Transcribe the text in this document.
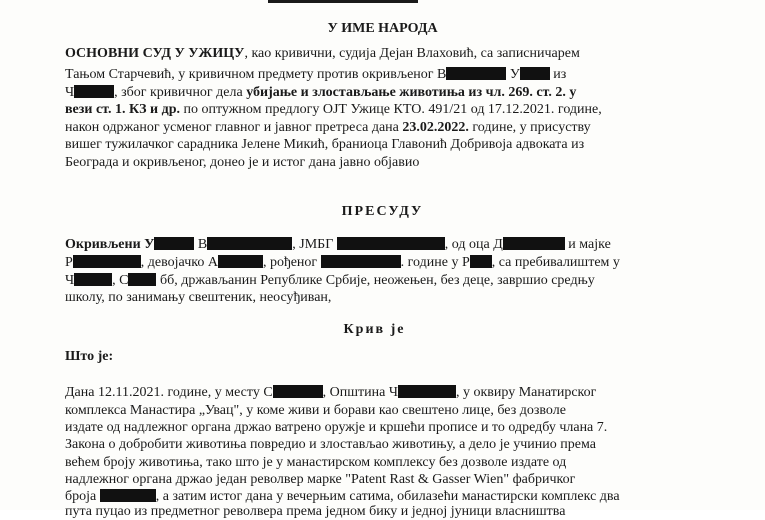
У ИМЕ НАРОДА
ОСНОВНИ СУД У УЖИЦУ, као кривични, судија Дејан Влаховић, са записничарем
Тањом Старчевић, у кривичном предмету против окривљеног В	У из
Ч	, због кривичног дела убијање и злостављање животиња из чл. 269. ст. 2. у
вези ст. 1. КЗ и др. по оптужном предлогу ОЈТ Ужице КТО. 491/21 од 17.12.2021. године,
након одржаног усменог главног и јавног претреса дана 23.02.2022. године, у присуству
вишег тужилачког сарадника Јелене Микић, браниоца Главонић Добривоја адвоката из
Београда и окривљеног, донео је и истог дана јавно објавио
ПРЕСУДУ
Окривљени У	В	, ЈМБГ	, од оца Д	и мајке
Р	, девојачко А	, рођеног	. године у Р , са пребивалиштем у
Ч	, С бб, држављанин Републике Србије, неожењен, без деце, завршио средњу
школу, по занимању свештеник, неосуђиван,
Крив је
Што је:
Дана 12.11.2021. године, у месту С	, Општина Ч	, у оквиру Манатирског
комплекса Манастира „Увац", у коме живи и борави као свештено лице, без дозволе
издате од надлежног органа држао ватрено оружје и кршећи прописе и то одредбу члана 7.
Закона о добробити животиња повредио и злостављао животињу, а дело је учинио према
већем броју животиња, тако што је у манастирском комплексу без дозволе издате од
надлежног органа држао један револвер марке "Patent Rast & Gasser Wien" фабричког
броја	, а затим истог дана у вечерњим сатима, обилазећи манастирски комплекс два
пута пуцао из предметног револвера према једном бику и једној јуници власништва
